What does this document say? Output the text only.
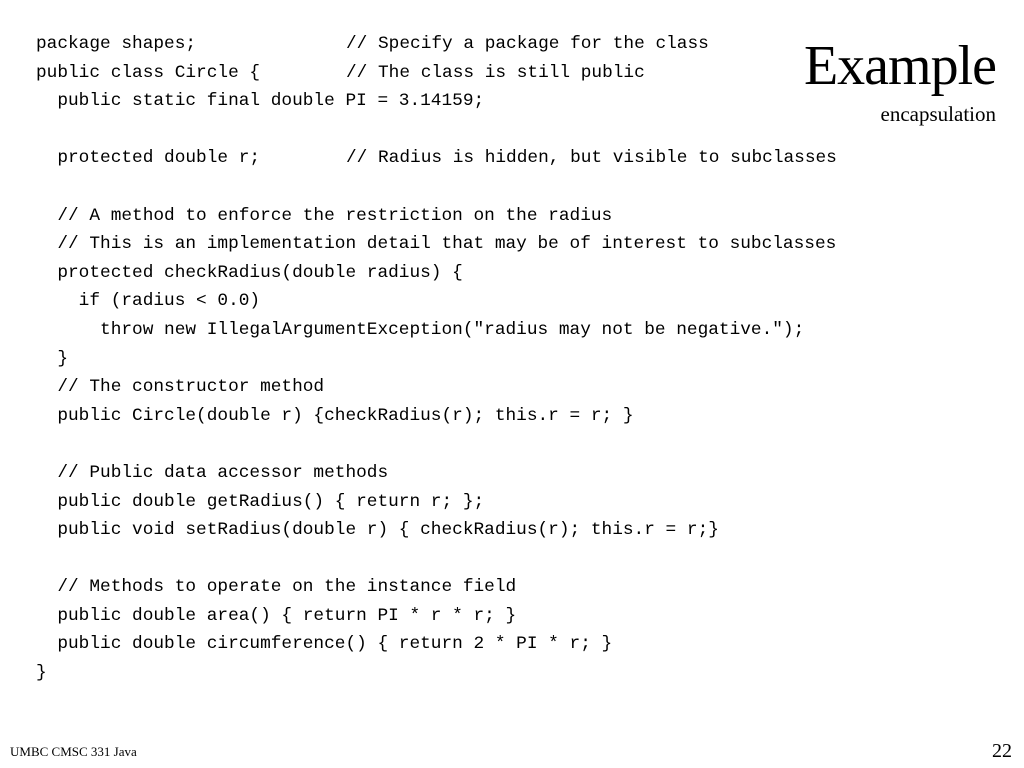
package shapes;	// Specify a package for the class
public class Circle {	// The class is still public
public static final double PI = 3.14159;
protected double r;	// Radius is hidden, but visible to subclasses
// A method to enforce the restriction on the radius
// This is an implementation detail that may be of interest to subclasses
protected checkRadius(double radius) {
if (radius < 0.0)
throw new IllegalArgumentException("radius may not be negative.");
}
// The constructor method
public Circle(double r) {checkRadius(r); this.r = r; }
// Public data accessor methods
public double getRadius() { return r; };
public void setRadius(double r) { checkRadius(r); this.r = r;}
// Methods to operate on the instance field
public double area() { return PI * r * r; }
public double circumference() { return 2 * PI * r; }
}
Example
encapsulation
UMBC CMSC 331 Java	22
